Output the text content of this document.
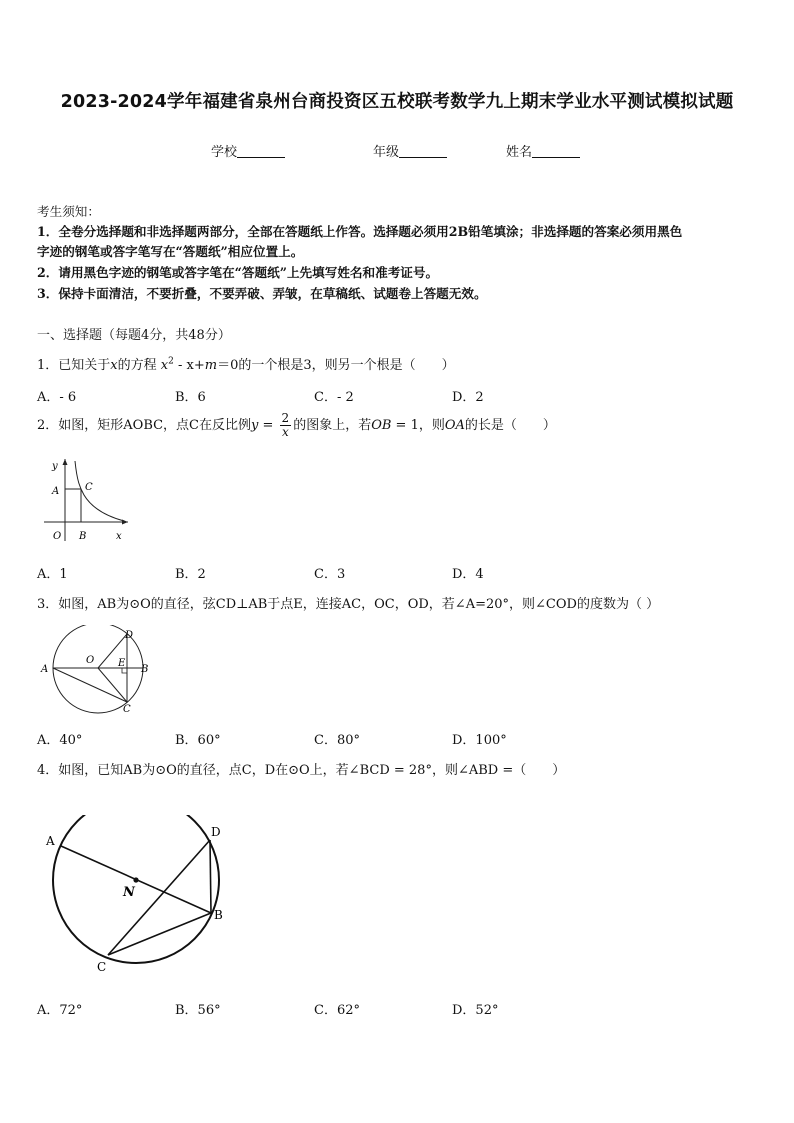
2023-2024学年福建省泉州台商投资区五校联考数学九上期末学业水平测试模拟试题
学校	年级	姓名
考生须知：
1．全卷分选择题和非选择题两部分，全部在答题纸上作答。选择题必须用2B铅笔填涂；非选择题的答案必须用黑色
字迹的钢笔或答字笔写在“答题纸”相应位置上。
2．请用黑色字迹的钢笔或答字笔在“答题纸”上先填写姓名和准考证号。
3．保持卡面清洁，不要折叠，不要弄破、弄皱，在草稿纸、试题卷上答题无效。
一、选择题（每题4分，共48分）
1．已知关于x的方程 $x^2 - x+m=0$的一个根是3，则另一个根是（　　）
A．- 6	B．6	C．- 2	D．2
2．如图，矩形AOBC，点C在反比例$y = \frac{2}{x}$ 的图象上，若OB = 1，则OA的长是（　　）
y
A	C
O B	x
A．1	B．2	C．3	D．4
3．如图，AB为⊙O的直径，弦CD⊥AB于点E，连接AC，OC，OD，若∠A=20°，则∠COD的度数为（ ）
A
O E
B
C
D
A．40°	B．60°	C．80°	D．100°
4．如图，已知AB为⊙O的直径，点C，D在⊙O上，若∠BCD = 28°，则∠ABD =（　　）
A
D
N
B
C
A．72°	B．56°	C．62°	D．52°
